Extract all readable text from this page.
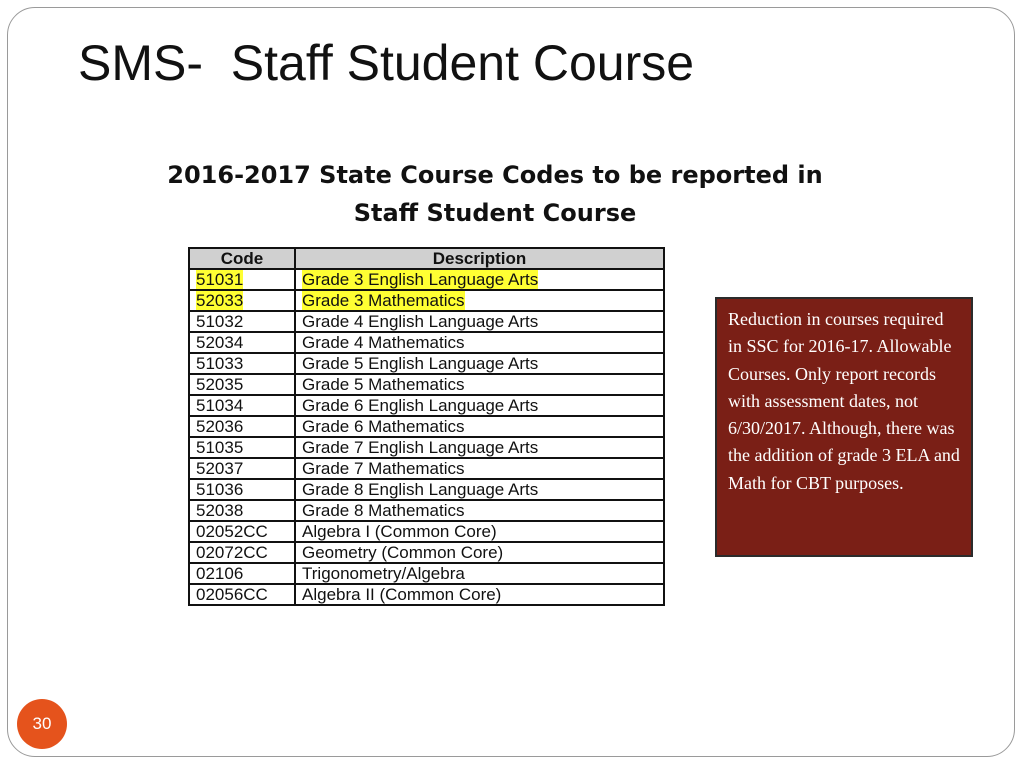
SMS-  Staff Student Course
2016-2017 State Course Codes to be reported in
Staff Student Course
Code	Description
51031	Grade 3 English Language Arts
52033	Grade 3 Mathematics
51032	Grade 4 English Language Arts
52034	Grade 4 Mathematics
51033	Grade 5 English Language Arts
52035	Grade 5 Mathematics
51034	Grade 6 English Language Arts
52036	Grade 6 Mathematics
51035	Grade 7 English Language Arts
52037	Grade 7 Mathematics
51036	Grade 8 English Language Arts
52038	Grade 8 Mathematics
02052CC	Algebra I (Common Core)
02072CC	Geometry (Common Core)
02106	Trigonometry/Algebra
02056CC	Algebra II (Common Core)
Reduction in courses required in SSC for 2016-17. Allowable Courses. Only report records with assessment dates, not 6/30/2017. Although, there was the addition of grade 3 ELA and Math for CBT purposes.
30
